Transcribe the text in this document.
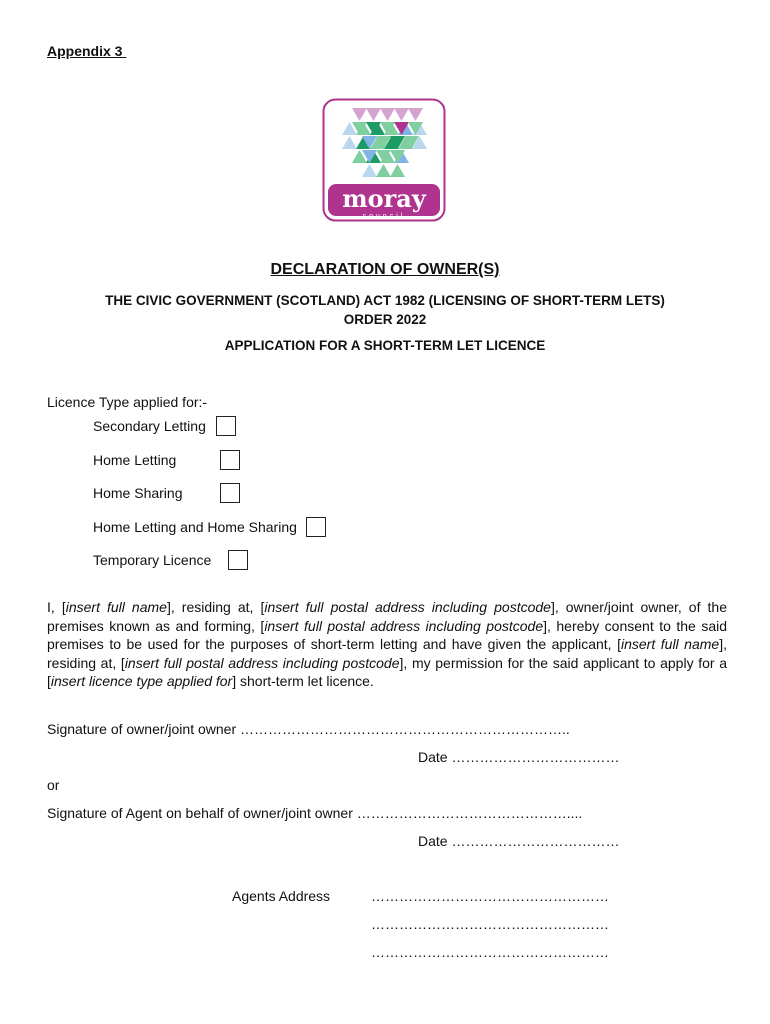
Appendix 3
moray
council
DECLARATION OF OWNER(S)
THE CIVIC GOVERNMENT (SCOTLAND) ACT 1982 (LICENSING OF SHORT-TERM LETS)
ORDER 2022
APPLICATION FOR A SHORT-TERM LET LICENCE
Licence Type applied for:-
Secondary Letting
Home Letting
Home Sharing
Home Letting and Home Sharing
Temporary Licence
I, [insert full name], residing at, [insert full postal address including postcode], owner/joint owner, of the premises known as and forming, [insert full postal address including postcode], hereby consent to the said premises to be used for the purposes of short-term letting and have given the applicant, [insert full name], residing at, [insert full postal address including postcode], my permission for the said applicant to apply for a [insert licence type applied for] short-term let licence.
Signature of owner/joint owner ……………………………………………………………..
Date ………………………………
or
Signature of Agent on behalf of owner/joint owner ………………………………………....
Date ………………………………
Agents Address	……………………………………………
……………………………………………
……………………………………………
